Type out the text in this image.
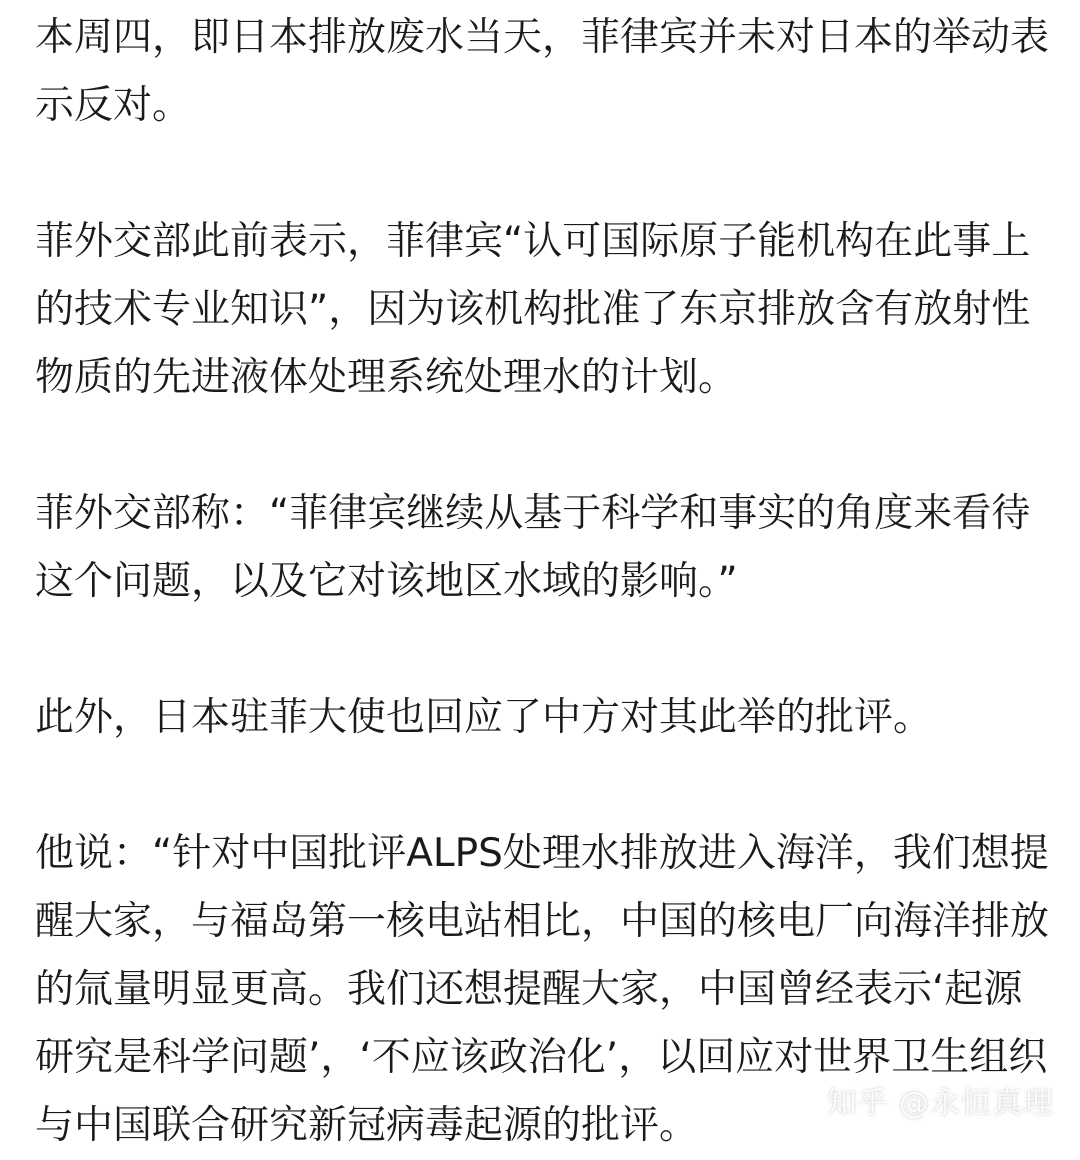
本周四，即日本排放废水当天，菲律宾并未对日本的举动表示反对。

菲外交部此前表示，菲律宾“认可国际原子能机构在此事上的技术专业知识”，因为该机构批准了东京排放含有放射性物质的先进液体处理系统处理水的计划。

菲外交部称：“菲律宾继续从基于科学和事实的角度来看待这个问题，以及它对该地区水域的影响。”

此外，日本驻菲大使也回应了中方对其此举的批评。

他说：“针对中国批评ALPS处理水排放进入海洋，我们想提醒大家，与福岛第一核电站相比，中国的核电厂向海洋排放的氚量明显更高。我们还想提醒大家，中国曾经表示‘起源研究是科学问题’，‘不应该政治化’，以回应对世界卫生组织与中国联合研究新冠病毒起源的批评。	知乎 @永恒真理
